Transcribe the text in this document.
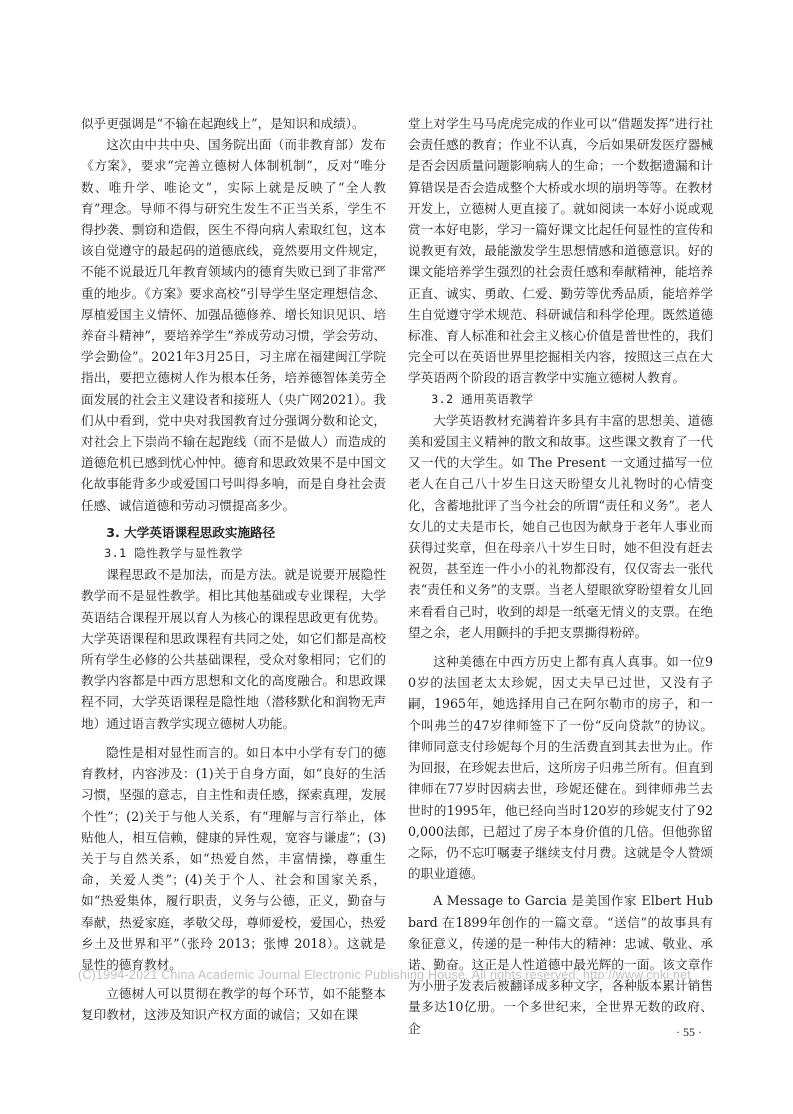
似乎更强调是“不输在起跑线上”，是知识和成绩）。

这次由中共中央、国务院出面（而非教育部）发布《方案》，要求“完善立德树人体制机制”，反对“唯分数、唯升学、唯论文”，实际上就是反映了“全人教育”理念。导师不得与研究生发生不正当关系，学生不得抄袭、剽窃和造假，医生不得向病人索取红包，这本该自觉遵守的最起码的道德底线，竟然要用文件规定，不能不说最近几年教育领域内的德育失败已到了非常严重的地步。《方案》要求高校“引导学生坚定理想信念、厚植爱国主义情怀、加强品德修养、增长知识见识、培养奋斗精神”，要培养学生“养成劳动习惯，学会劳动、学会勤俭”。2021年3月25日，习主席在福建闽江学院指出，要把立德树人作为根本任务，培养德智体美劳全面发展的社会主义建设者和接班人（央广网2021）。我们从中看到，党中央对我国教育过分强调分数和论文，对社会上下崇尚不输在起跑线（而不是做人）而造成的道德危机已感到忧心忡忡。德育和思政效果不是中国文化故事能背多少或爱国口号叫得多响，而是自身社会责任感、诚信道德和劳动习惯提高多少。

3. 大学英语课程思政实施路径

3.1 隐性教学与显性教学

课程思政不是加法，而是方法。就是说要开展隐性教学而不是显性教学。相比其他基础或专业课程，大学英语结合课程开展以育人为核心的课程思政更有优势。大学英语课程和思政课程有共同之处，如它们都是高校所有学生必修的公共基础课程，受众对象相同；它们的教学内容都是中西方思想和文化的高度融合。和思政课程不同，大学英语课程是隐性地（潜移默化和润物无声地）通过语言教学实现立德树人功能。

隐性是相对显性而言的。如日本中小学有专门的德育教材，内容涉及：(1)关于自身方面，如“良好的生活习惯，坚强的意志，自主性和责任感，探索真理，发展个性”；(2)关于与他人关系，有“理解与言行举止，体贴他人，相互信赖，健康的异性观，宽容与谦虚”；(3)关于与自然关系，如“热爱自然，丰富情操，尊重生命，关爱人类”；(4)关于个人、社会和国家关系，如“热爱集体，履行职责，义务与公德，正义，勤奋与奉献，热爱家庭，孝敬父母，尊师爱校，爱国心，热爱乡土及世界和平”（张玲 2013；张博 2018）。这就是显性的德育教材。

立德树人可以贯彻在教学的每个环节，如不能整本复印教材，这涉及知识产权方面的诚信；又如在课

堂上对学生马马虎虎完成的作业可以“借题发挥”进行社会责任感的教育；作业不认真，今后如果研发医疗器械是否会因质量问题影响病人的生命；一个数据遗漏和计算错误是否会造成整个大桥或水坝的崩坍等等。在教材开发上，立德树人更直接了。就如阅读一本好小说或观赏一本好电影，学习一篇好课文比起任何显性的宣传和说教更有效，最能激发学生思想情感和道德意识。好的课文能培养学生强烈的社会责任感和奉献精神，能培养正直、诚实、勇敢、仁爱、勤劳等优秀品质，能培养学生自觉遵守学术规范、科研诚信和科学伦理。既然道德标准、育人标准和社会主义核心价值是普世性的，我们完全可以在英语世界里挖掘相关内容，按照这三点在大学英语两个阶段的语言教学中实施立德树人教育。

3.2 通用英语教学

大学英语教材充满着许多具有丰富的思想美、道德美和爱国主义精神的散文和故事。这些课文教育了一代又一代的大学生。如 The Present 一文通过描写一位老人在自己八十岁生日这天盼望女儿礼物时的心情变化，含蓄地批评了当今社会的所谓“责任和义务”。老人女儿的丈夫是市长，她自己也因为献身于老年人事业而获得过奖章，但在母亲八十岁生日时，她不但没有赶去祝贺，甚至连一件小小的礼物都没有，仅仅寄去一张代表“责任和义务”的支票。当老人望眼欲穿盼望着女儿回来看看自己时，收到的却是一纸毫无情义的支票。在绝望之余，老人用颤抖的手把支票撕得粉碎。

这种美德在中西方历史上都有真人真事。如一位90岁的法国老太太珍妮，因丈夫早已过世，又没有子嗣，1965年，她选择用自己在阿尔勒市的房子，和一个叫弗兰的47岁律师签下了一份“反向贷款”的协议。律师同意支付珍妮每个月的生活费直到其去世为止。作为回报，在珍妮去世后，这所房子归弗兰所有。但直到律师在77岁时因病去世，珍妮还健在。到律师弗兰去世时的1995年，他已经向当时120岁的珍妮支付了920,000法郎，已超过了房子本身价值的几倍。但他弥留之际，仍不忘叮嘱妻子继续支付月费。这就是令人赞颂的职业道德。

A Message to Garcia 是美国作家 Elbert Hubbard 在1899年创作的一篇文章。“送信”的故事具有象征意义，传递的是一种伟大的精神：忠诚、敬业、承诺、勤奋。这正是人性道德中最光辉的一面。该文章作为小册子发表后被翻译成多种文字，各种版本累计销售量多达10亿册。一个多世纪来，全世界无数的政府、企

(C)1994-2021 China Academic Journal Electronic Publishing House. All rights reserved. http://www.cnki.net
· 55 ·
